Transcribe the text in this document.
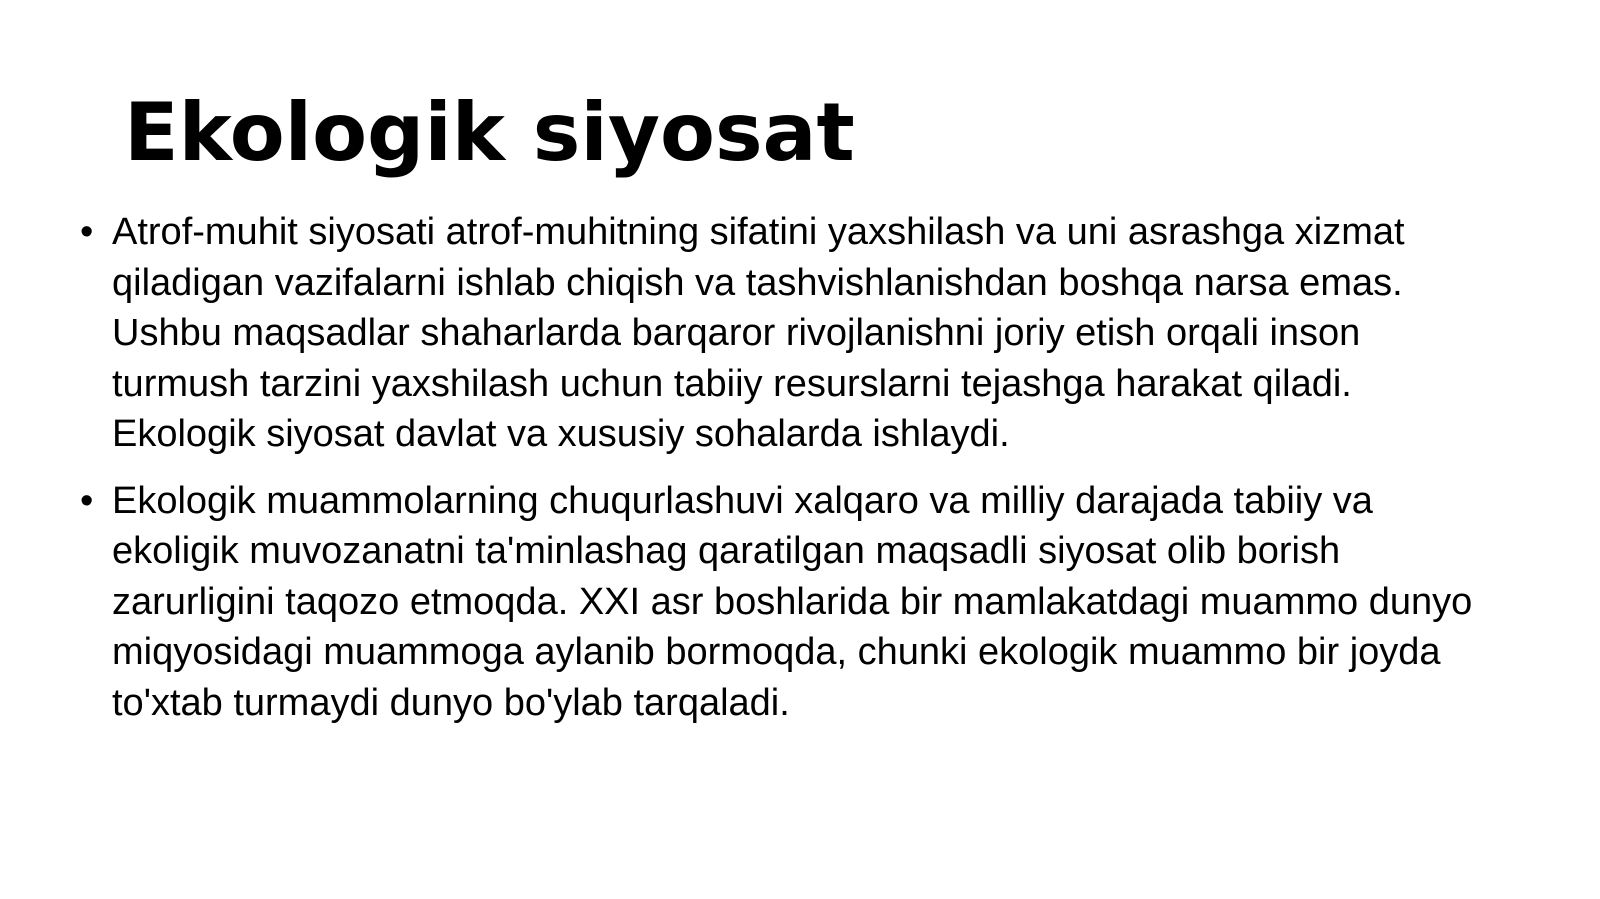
Ekologik siyosat
• Atrof-muhit siyosati atrof-muhitning sifatini yaxshilash va uni asrashga xizmat qiladigan vazifalarni ishlab chiqish va tashvishlanishdan boshqa narsa emas. Ushbu maqsadlar shaharlarda barqaror rivojlanishni joriy etish orqali inson turmush tarzini yaxshilash uchun tabiiy resurslarni tejashga harakat qiladi. Ekologik siyosat davlat va xususiy sohalarda ishlaydi.
• Ekologik muammolarning chuqurlashuvi xalqaro va milliy darajada tabiiy va ekoligik muvozanatni ta'minlashag qaratilgan maqsadli siyosat olib borish zarurligini taqozo etmoqda. XXI asr boshlarida bir mamlakatdagi muammo dunyo miqyosidagi muammoga aylanib bormoqda, chunki ekologik muammo bir joyda to'xtab turmaydi dunyo bo'ylab tarqaladi.
